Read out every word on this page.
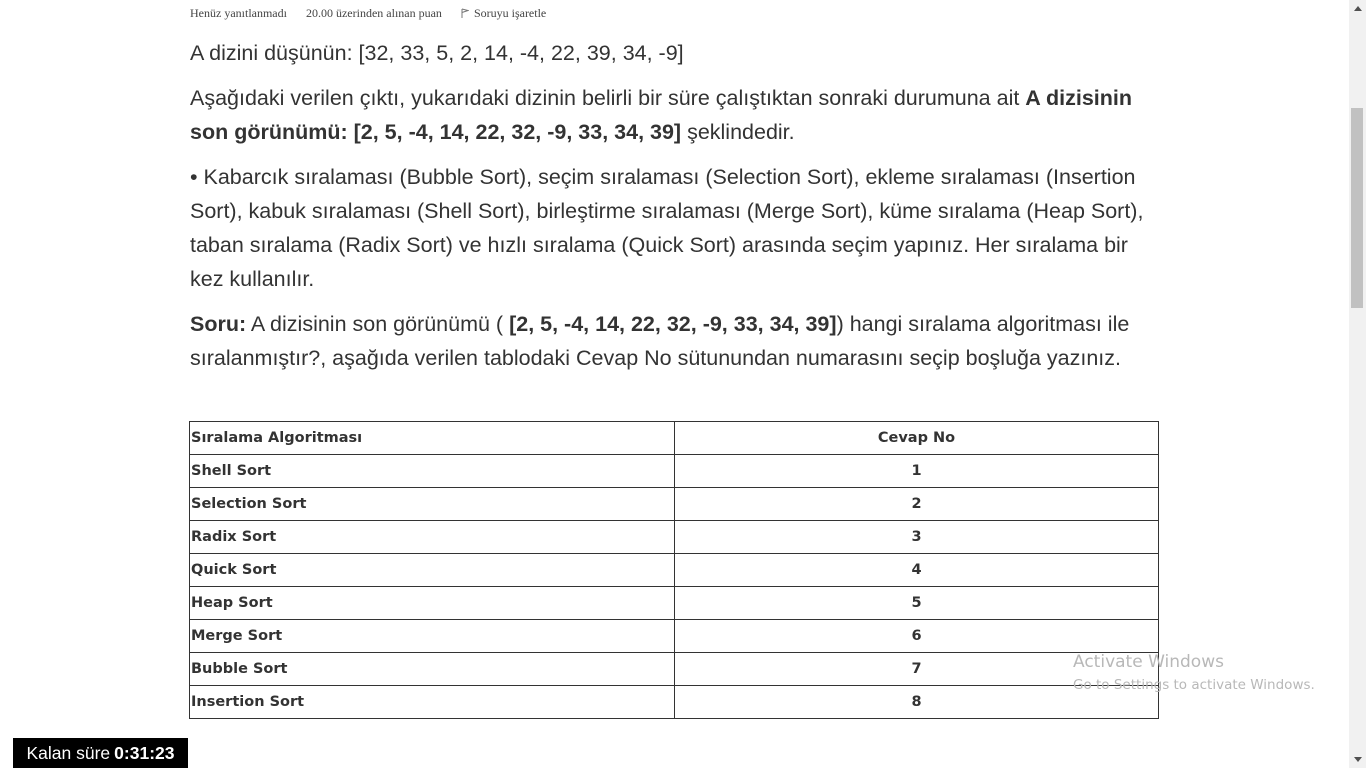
Henüz yanıtlanmadı 20.00 üzerinden alınan puan	Soruyu işaretle

A dizini düşünün: [32, 33, 5, 2, 14, -4, 22, 39, 34, -9]

Aşağıdaki verilen çıktı, yukarıdaki dizinin belirli bir süre çalıştıktan sonraki durumuna ait A dizisinin son görünümü: [2, 5, -4, 14, 22, 32, -9, 33, 34, 39] şeklindedir.

• Kabarcık sıralaması (Bubble Sort), seçim sıralaması (Selection Sort), ekleme sıralaması (Insertion Sort), kabuk sıralaması (Shell Sort), birleştirme sıralaması (Merge Sort), küme sıralama (Heap Sort), taban sıralama (Radix Sort) ve hızlı sıralama (Quick Sort) arasında seçim yapınız. Her sıralama bir kez kullanılır.

Soru: A dizisinin son görünümü ( [2, 5, -4, 14, 22, 32, -9, 33, 34, 39]) hangi sıralama algoritması ile sıralanmıştır?, aşağıda verilen tablodaki Cevap No sütunundan numarasını seçip boşluğa yazınız.

Sıralama Algoritması	Cevap No
Shell Sort	1
Selection Sort	2
Radix Sort	3
Quick Sort	4
Heap Sort	5
Merge Sort	6
Bubble Sort	7
Insertion Sort	8
Kalan süre 0:31:23
Activate Windows
Go to Settings to activate Windows.
